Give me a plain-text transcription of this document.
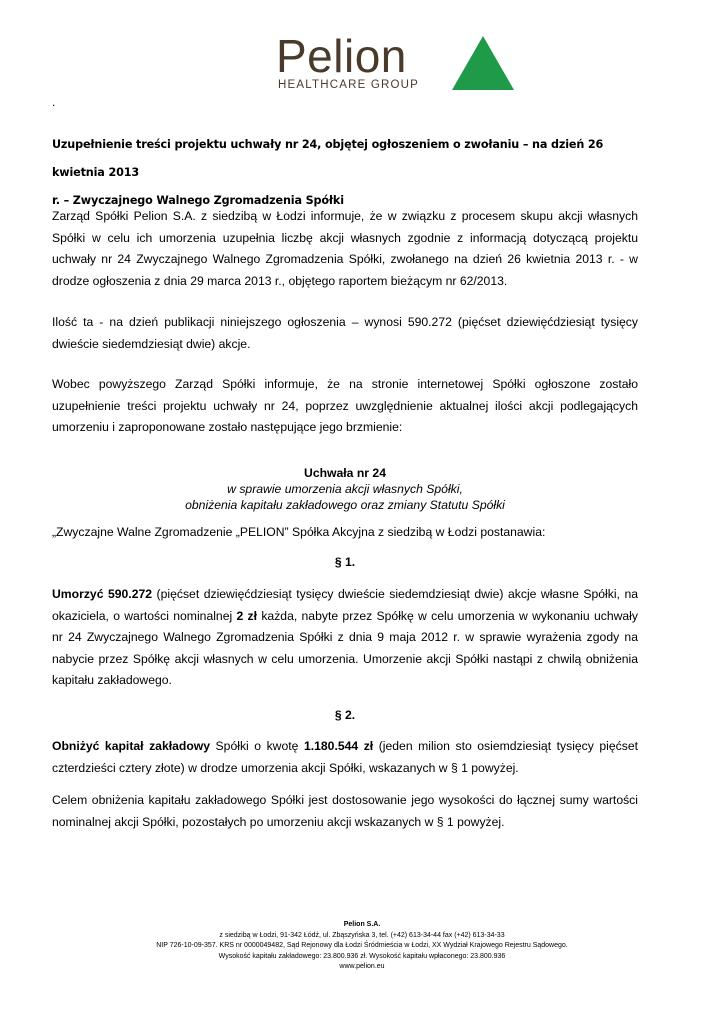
Pelion
HEALTHCARE GROUP
.
Uzupełnienie treści projektu uchwały nr 24, objętej ogłoszeniem o zwołaniu – na dzień 26 kwietnia 2013
r. – Zwyczajnego Walnego Zgromadzenia Spółki
Zarząd Spółki Pelion S.A. z siedzibą w Łodzi informuje, że w związku z procesem skupu akcji własnych Spółki w celu ich umorzenia uzupełnia liczbę akcji własnych zgodnie z informacją dotyczącą projektu uchwały nr 24 Zwyczajnego Walnego Zgromadzenia Spółki, zwołanego na dzień 26 kwietnia 2013 r. - w drodze ogłoszenia z dnia 29 marca 2013 r., objętego raportem bieżącym nr 62/2013.
Ilość ta - na dzień publikacji niniejszego ogłoszenia – wynosi 590.272 (pięćset dziewięćdziesiąt tysięcy dwieście siedemdziesiąt dwie) akcje.
Wobec powyższego Zarząd Spółki informuje, że na stronie internetowej Spółki ogłoszone zostało uzupełnienie treści projektu uchwały nr 24, poprzez uwzględnienie aktualnej ilości akcji podlegających umorzeniu i zaproponowane zostało następujące jego brzmienie:
Uchwała nr 24
w sprawie umorzenia akcji własnych Spółki,
obniżenia kapitału zakładowego oraz zmiany Statutu Spółki
„Zwyczajne Walne Zgromadzenie „PELION” Spółka Akcyjna z siedzibą w Łodzi postanawia:
§ 1.
Umorzyć 590.272 (pięćset dziewięćdziesiąt tysięcy dwieście siedemdziesiąt dwie) akcje własne Spółki, na okaziciela, o wartości nominalnej 2 zł każda, nabyte przez Spółkę w celu umorzenia w wykonaniu uchwały nr 24 Zwyczajnego Walnego Zgromadzenia Spółki z dnia 9 maja 2012 r. w sprawie wyrażenia zgody na nabycie przez Spółkę akcji własnych w celu umorzenia. Umorzenie akcji Spółki nastąpi z chwilą obniżenia kapitału zakładowego.
§ 2.
Obniżyć kapitał zakładowy Spółki o kwotę 1.180.544 zł (jeden milion sto osiemdziesiąt tysięcy pięćset czterdzieści cztery złote) w drodze umorzenia akcji Spółki, wskazanych w § 1 powyżej.
Celem obniżenia kapitału zakładowego Spółki jest dostosowanie jego wysokości do łącznej sumy wartości nominalnej akcji Spółki, pozostałych po umorzeniu akcji wskazanych w § 1 powyżej.
Pelion S.A.
z siedzibą w Łodzi, 91-342 Łódź, ul. Zbąszyńska 3, tel. (+42) 613-34-44 fax (+42) 613-34-33
NIP 726-10-09-357. KRS nr 0000049482, Sąd Rejonowy dla Łodzi Śródmieścia w Łodzi, XX Wydział Krajowego Rejestru Sądowego.
Wysokość kapitału zakładowego: 23.800.936 zł. Wysokość kapitału wpłaconego: 23.800.936
www.pelion.eu
